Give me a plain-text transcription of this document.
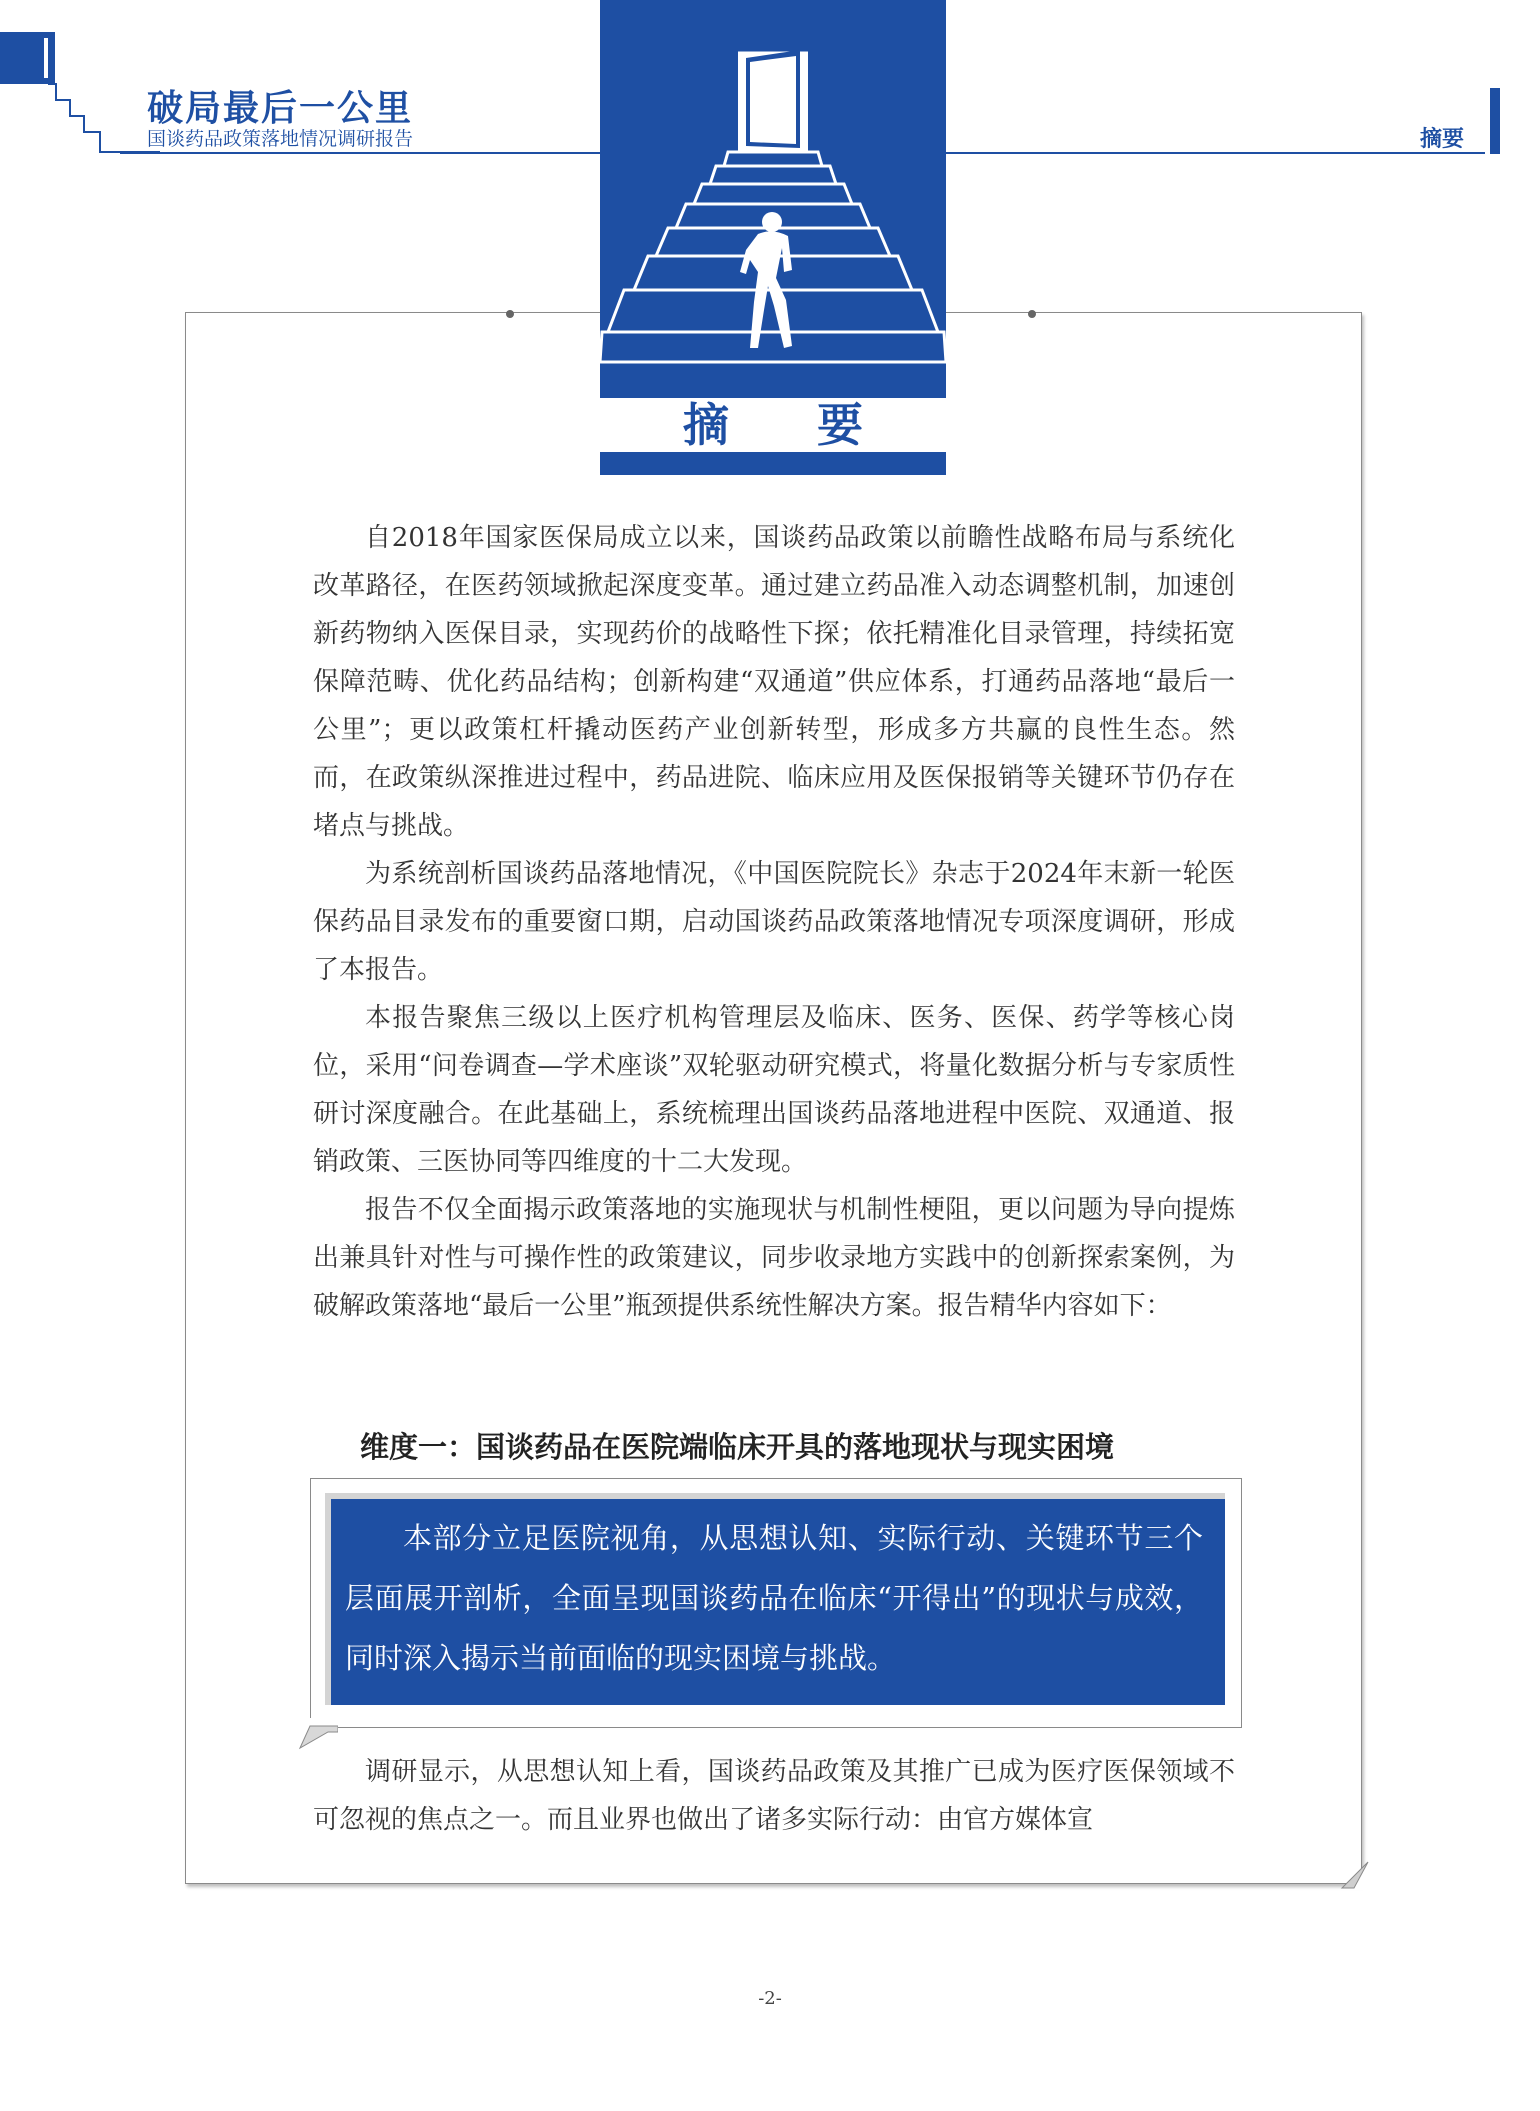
破局最后一公里
国谈药品政策落地情况调研报告	摘要
摘 要

自2018年国家医保局成立以来，国谈药品政策以前瞻性战略布局与系统化改革路径，在医药领域掀起深度变革。通过建立药品准入动态调整机制，加速创新药物纳入医保目录，实现药价的战略性下探；依托精准化目录管理，持续拓宽保障范畴、优化药品结构；创新构建“双通道”供应体系，打通药品落地“最后一公里”；更以政策杠杆撬动医药产业创新转型，形成多方共赢的良性生态。然而，在政策纵深推进过程中，药品进院、临床应用及医保报销等关键环节仍存在堵点与挑战。

为系统剖析国谈药品落地情况，《中国医院院长》杂志于2024年末新一轮医保药品目录发布的重要窗口期，启动国谈药品政策落地情况专项深度调研，形成了本报告。

本报告聚焦三级以上医疗机构管理层及临床、医务、医保、药学等核心岗位，采用“问卷调查—学术座谈”双轮驱动研究模式，将量化数据分析与专家质性研讨深度融合。在此基础上，系统梳理出国谈药品落地进程中医院、双通道、报销政策、三医协同等四维度的十二大发现。

报告不仅全面揭示政策落地的实施现状与机制性梗阻，更以问题为导向提炼出兼具针对性与可操作性的政策建议，同步收录地方实践中的创新探索案例，为破解政策落地“最后一公里”瓶颈提供系统性解决方案。报告精华内容如下：

维度一：国谈药品在医院端临床开具的落地现状与现实困境

本部分立足医院视角，从思想认知、实际行动、关键环节三个层面展开剖析，全面呈现国谈药品在临床“开得出”的现状与成效，同时深入揭示当前面临的现实困境与挑战。

调研显示，从思想认知上看，国谈药品政策及其推广已成为医疗医保领域不可忽视的焦点之一。而且业界也做出了诸多实际行动：由官方媒体宣

-2-
